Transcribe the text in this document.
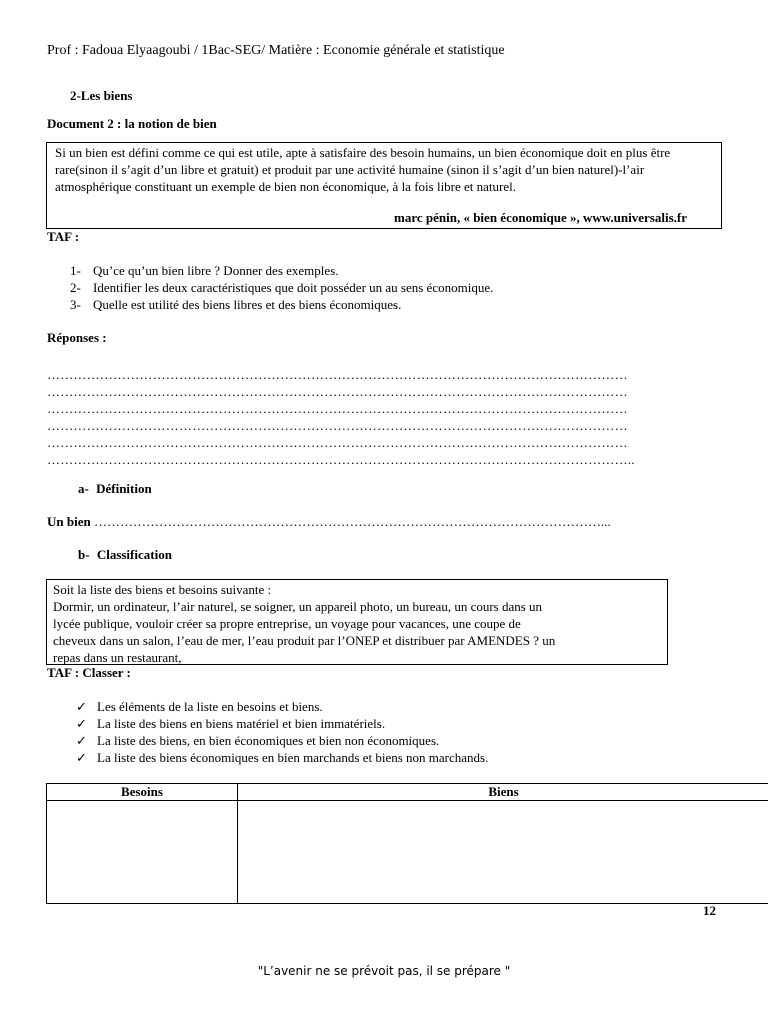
Prof : Fadoua Elyaagoubi / 1Bac-SEG/ Matière : Economie générale et statistique
2-Les biens
Document 2 : la notion de bien
Si un bien est défini comme ce qui est utile, apte à satisfaire des besoin humains, un bien économique doit en plus être rare(sinon il s’agit d’un libre et gratuit) et produit par une activité humaine (sinon il s’agit d’un bien naturel)-l’air atmosphérique constituant un exemple de bien non économique, à la fois libre et naturel.
marc pénin, « bien économique », www.universalis.fr
TAF :
1- Qu’ce qu’un bien libre ? Donner des exemples.
2- Identifier les deux caractéristiques que doit posséder un au sens économique.
3- Quelle est utilité des biens libres et des biens économiques.
Réponses :
……………………………………………………………………………………………………………………
……………………………………………………………………………………………………………………
……………………………………………………………………………………………………………………
……………………………………………………………………………………………………………………
……………………………………………………………………………………………………………………
……………………………………………………………………………………………………………………..
a- Définition
Un bien ………………………………………………………………………………………………………...
b- Classification
Soit la liste des biens et besoins suivante :
Dormir, un ordinateur, l’air naturel, se soigner, un appareil photo, un bureau, un cours dans un
lycée publique, vouloir créer sa propre entreprise, un voyage pour vacances, une coupe de
cheveux dans un salon, l’eau de mer, l’eau produit par l’ONEP et distribuer par AMENDES ? un
repas dans un restaurant,
TAF : Classer :
✓ Les éléments de la liste en besoins et biens.
✓ La liste des biens en biens matériel et bien immatériels.
✓ La liste des biens, en bien économiques et bien non économiques.
✓ La liste des biens économiques en bien marchands et biens non marchands.
Besoins	Biens

12
"L’avenir ne se prévoit pas, il se prépare "
